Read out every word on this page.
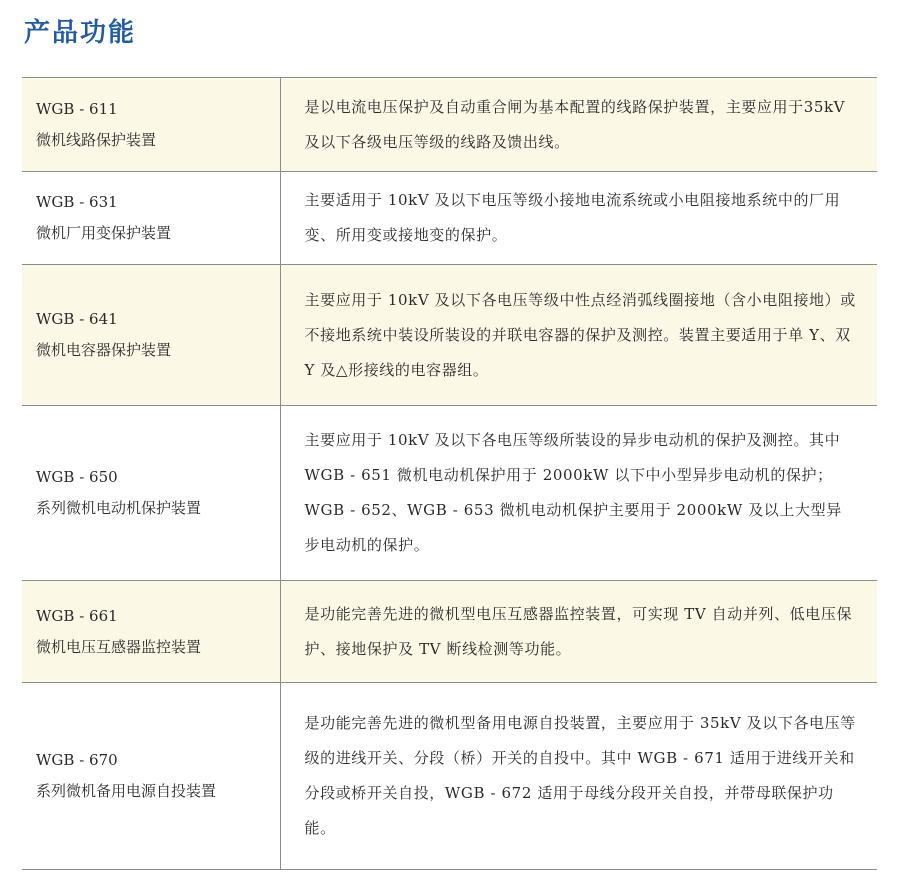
产品功能
WGB - 611
微机线路保护装置	是以电流电压保护及自动重合闸为基本配置的线路保护装置，主要应用于35kV 及以下各级电压等级的线路及馈出线。

WGB - 631
微机厂用变保护装置	主要适用于 10kV 及以下电压等级小接地电流系统或小电阻接地系统中的厂用变、所用变或接地变的保护。

WGB - 641
微机电容器保护装置	主要应用于 10kV 及以下各电压等级中性点经消弧线圈接地（含小电阻接地）或不接地系统中装设所装设的并联电容器的保护及测控。装置主要适用于单 Y、双 Y 及△形接线的电容器组。

WGB - 650
系列微机电动机保护装置	主要应用于 10kV 及以下各电压等级所装设的异步电动机的保护及测控。其中 WGB - 651 微机电动机保护用于 2000kW 以下中小型异步电动机的保护；WGB - 652、WGB - 653 微机电动机保护主要用于 2000kW 及以上大型异步电动机的保护。

WGB - 661
微机电压互感器监控装置	是功能完善先进的微机型电压互感器监控装置，可实现 TV 自动并列、低电压保护、接地保护及 TV 断线检测等功能。

WGB - 670
系列微机备用电源自投装置	是功能完善先进的微机型备用电源自投装置，主要应用于 35kV 及以下各电压等级的进线开关、分段（桥）开关的自投中。其中 WGB - 671 适用于进线开关和分段或桥开关自投，WGB - 672 适用于母线分段开关自投，并带母联保护功能。
